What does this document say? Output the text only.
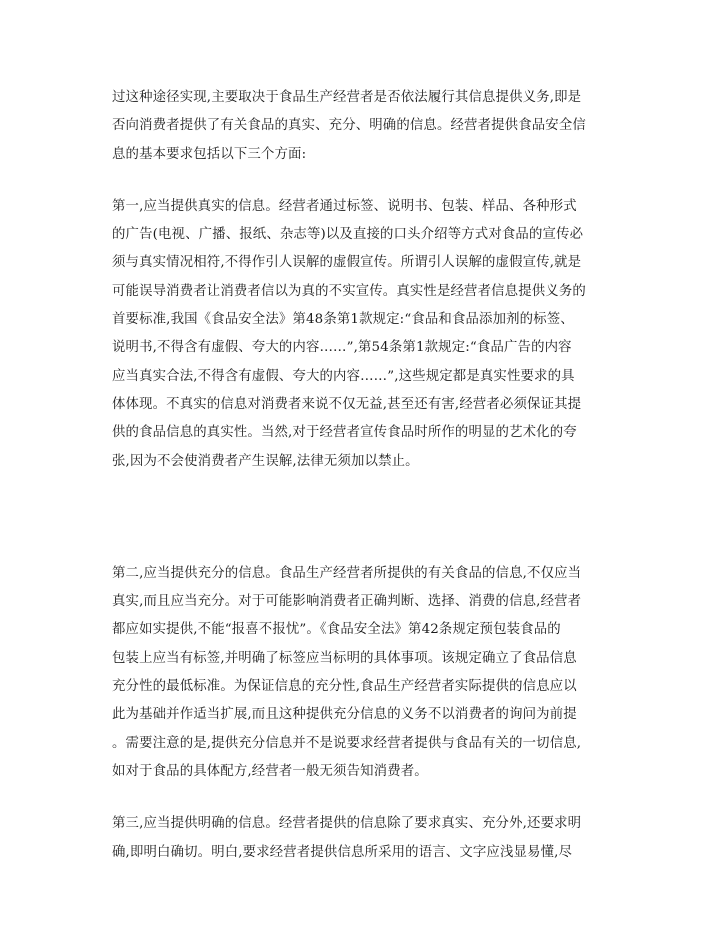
过这种途径实现,主要取决于食品生产经营者是否依法履行其信息提供义务,即是
否向消费者提供了有关食品的真实、充分、明确的信息。经营者提供食品安全信
息的基本要求包括以下三个方面:

第一,应当提供真实的信息。经营者通过标签、说明书、包装、样品、各种形式
的广告(电视、广播、报纸、杂志等)以及直接的口头介绍等方式对食品的宣传必
须与真实情况相符,不得作引人误解的虚假宣传。所谓引人误解的虚假宣传,就是
可能误导消费者让消费者信以为真的不实宣传。真实性是经营者信息提供义务的
首要标准,我国《食品安全法》第48条第1款规定:“食品和食品添加剂的标签、
说明书,不得含有虚假、夸大的内容……”,第54条第1款规定:“食品广告的内容
应当真实合法,不得含有虚假、夸大的内容……”,这些规定都是真实性要求的具
体体现。不真实的信息对消费者来说不仅无益,甚至还有害,经营者必须保证其提
供的食品信息的真实性。当然,对于经营者宣传食品时所作的明显的艺术化的夸
张,因为不会使消费者产生误解,法律无须加以禁止。

第二,应当提供充分的信息。食品生产经营者所提供的有关食品的信息,不仅应当
真实,而且应当充分。对于可能影响消费者正确判断、选择、消费的信息,经营者
都应如实提供,不能“报喜不报忧”。《食品安全法》第42条规定预包装食品的
包装上应当有标签,并明确了标签应当标明的具体事项。该规定确立了食品信息
充分性的最低标准。为保证信息的充分性,食品生产经营者实际提供的信息应以
此为基础并作适当扩展,而且这种提供充分信息的义务不以消费者的询问为前提
。需要注意的是,提供充分信息并不是说要求经营者提供与食品有关的一切信息,
如对于食品的具体配方,经营者一般无须告知消费者。

第三,应当提供明确的信息。经营者提供的信息除了要求真实、充分外,还要求明
确,即明白确切。明白,要求经营者提供信息所采用的语言、文字应浅显易懂,尽
